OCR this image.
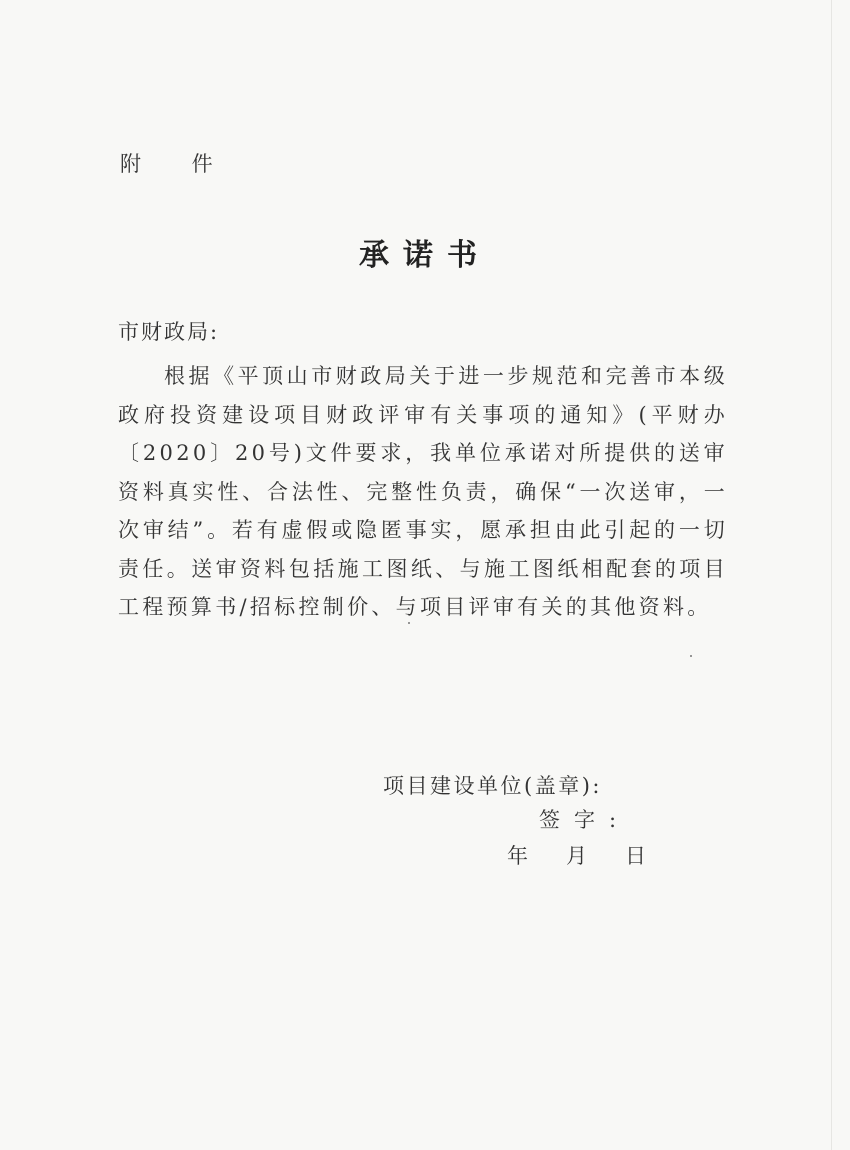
附 件
承诺书
市财政局:
根据《平顶山市财政局关于进一步规范和完善市本级政府投资建设项目财政评审有关事项的通知》(平财办〔2020〕20号)文件要求，我单位承诺对所提供的送审资料真实性、合法性、完整性负责，确保“一次送审，一次审结”。若有虚假或隐匿事实，愿承担由此引起的一切责任。送审资料包括施工图纸、与施工图纸相配套的项目工程预算书/招标控制价、与项目评审有关的其他资料。
项目建设单位(盖章):
签字:
年月日
